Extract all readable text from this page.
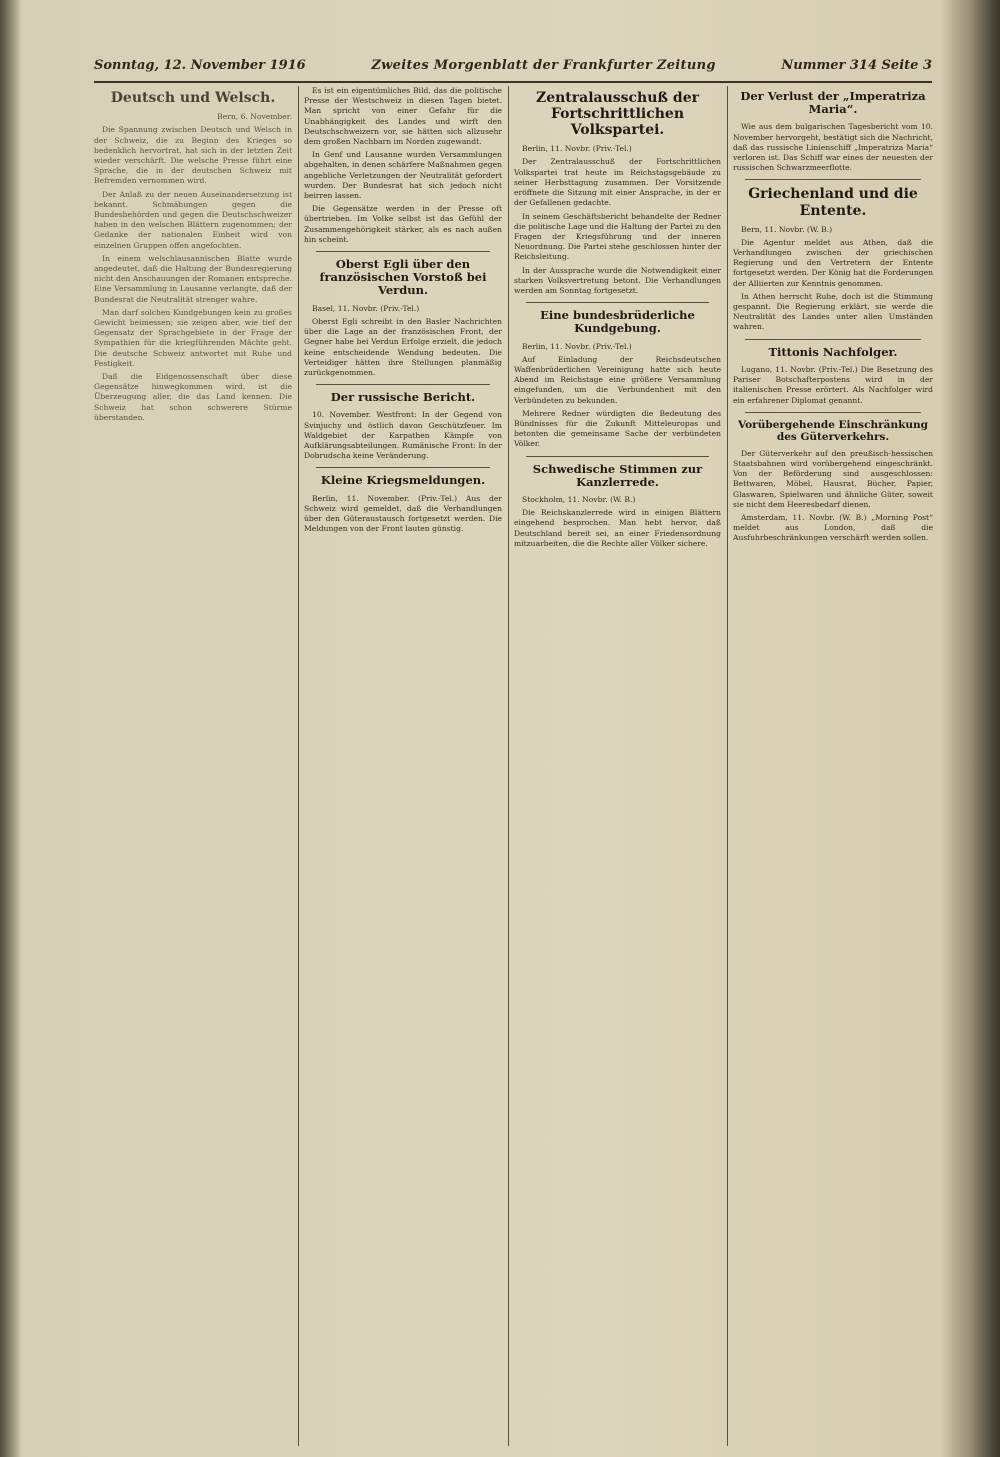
Sonntag, 12. November 1916	Zweites Morgenblatt der Frankfurter Zeitung	Nummer 314 Seite 3
Deutsch und Welsch.

Bern, 6. November.

Die Spannung zwischen Deutsch und Welsch in der Schweiz, die zu Beginn des Krieges so bedenklich hervortrat, hat sich in der letzten Zeit wieder verschärft. Die welsche Presse führt eine Sprache, die in der deutschen Schweiz mit Befremden vernommen wird.

Der Anlaß zu der neuen Auseinandersetzung ist bekannt. Schmähungen gegen die Bundesbehörden und gegen die Deutschschweizer haben in den welschen Blättern zugenommen; der Gedanke der nationalen Einheit wird von einzelnen Gruppen offen angefochten.

In einem welschlausannischen Blatte wurde angedeutet, daß die Haltung der Bundesregierung nicht den Anschauungen der Romanen entspreche. Eine Versammlung in Lausanne verlangte, daß der Bundesrat die Neutralität strenger wahre.

Man darf solchen Kundgebungen kein zu großes Gewicht beimessen; sie zeigen aber, wie tief der Gegensatz der Sprachgebiete in der Frage der Sympathien für die kriegführenden Mächte geht. Die deutsche Schweiz antwortet mit Ruhe und Festigkeit.

Daß die Eidgenossenschaft über diese Gegensätze hinwegkommen wird, ist die Überzeugung aller, die das Land kennen. Die Schweiz hat schon schwerere Stürme überstanden.

Es ist ein eigentümliches Bild, das die politische Presse der Westschweiz in diesen Tagen bietet. Man spricht von einer Gefahr für die Unabhängigkeit des Landes und wirft den Deutschschweizern vor, sie hätten sich allzusehr dem großen Nachbarn im Norden zugewandt.

In Genf und Lausanne wurden Versammlungen abgehalten, in denen schärfere Maßnahmen gegen angebliche Verletzungen der Neutralität gefordert wurden. Der Bundesrat hat sich jedoch nicht beirren lassen.

Die Gegensätze werden in der Presse oft übertrieben. Im Volke selbst ist das Gefühl der Zusammengehörigkeit stärker, als es nach außen hin scheint.

Oberst Egli über den französischen Vorstoß bei Verdun.

Basel, 11. Novbr. (Priv.-Tel.)

Oberst Egli schreibt in den Basler Nachrichten über die Lage an der französischen Front, der Gegner habe bei Verdun Erfolge erzielt, die jedoch keine entscheidende Wendung bedeuten. Die Verteidiger hätten ihre Stellungen planmäßig zurückgenommen.

Der russische Bericht.

10. November. Westfront: In der Gegend von Svinjuchy und östlich davon Geschützfeuer. Im Waldgebiet der Karpathen Kämpfe von Aufklärungsabteilungen. Rumänische Front: In der Dobrudscha keine Veränderung.

Kleine Kriegsmeldungen.

Berlin, 11. November. (Priv.-Tel.) Aus der Schweiz wird gemeldet, daß die Verhandlungen über den Güteraustausch fortgesetzt werden. Die Meldungen von der Front lauten günstig.

Zentralausschuß der Fortschrittlichen Volkspartei.

Berlin, 11. Novbr. (Priv.-Tel.)

Der Zentralausschuß der Fortschrittlichen Volkspartei trat heute im Reichstagsgebäude zu seiner Herbsttagung zusammen. Der Vorsitzende eröffnete die Sitzung mit einer Ansprache, in der er der Gefallenen gedachte.

In seinem Geschäftsbericht behandelte der Redner die politische Lage und die Haltung der Partei zu den Fragen der Kriegsführung und der inneren Neuordnung. Die Partei stehe geschlossen hinter der Reichsleitung.

In der Aussprache wurde die Notwendigkeit einer starken Volksvertretung betont. Die Verhandlungen werden am Sonntag fortgesetzt.

Eine bundesbrüderliche Kundgebung.

Berlin, 11. Novbr. (Priv.-Tel.)

Auf Einladung der Reichsdeutschen Waffenbrüderlichen Vereinigung hatte sich heute Abend im Reichstage eine größere Versammlung eingefunden, um die Verbundenheit mit den Verbündeten zu bekunden.

Mehrere Redner würdigten die Bedeutung des Bündnisses für die Zukunft Mitteleuropas und betonten die gemeinsame Sache der verbündeten Völker.

Schwedische Stimmen zur Kanzlerrede.

Stockholm, 11. Novbr. (W. B.)

Die Reichskanzlerrede wird in einigen Blättern eingehend besprochen. Man hebt hervor, daß Deutschland bereit sei, an einer Friedensordnung mitzuarbeiten, die die Rechte aller Völker sichere.

Der Verlust der „Imperatriza Maria“.

Wie aus dem bulgarischen Tagesbericht vom 10. November hervorgeht, bestätigt sich die Nachricht, daß das russische Linienschiff „Imperatriza Maria“ verloren ist. Das Schiff war eines der neuesten der russischen Schwarzmeerflotte.

Griechenland und die Entente.

Bern, 11. Novbr. (W. B.)

Die Agentur meldet aus Athen, daß die Verhandlungen zwischen der griechischen Regierung und den Vertretern der Entente fortgesetzt werden. Der König hat die Forderungen der Alliierten zur Kenntnis genommen.

In Athen herrscht Ruhe, doch ist die Stimmung gespannt. Die Regierung erklärt, sie werde die Neutralität des Landes unter allen Umständen wahren.

Tittonis Nachfolger.

Lugano, 11. Novbr. (Priv.-Tel.) Die Besetzung des Pariser Botschafterpostens wird in der italienischen Presse erörtert. Als Nachfolger wird ein erfahrener Diplomat genannt.

Vorübergehende Einschränkung des Güterverkehrs.

Der Güterverkehr auf den preußisch-hessischen Staatsbahnen wird vorübergehend eingeschränkt. Von der Beförderung sind ausgeschlossen: Bettwaren, Möbel, Hausrat, Bücher, Papier, Glaswaren, Spielwaren und ähnliche Güter, soweit sie nicht dem Heeresbedarf dienen.

Amsterdam, 11. Novbr. (W. B.) „Morning Post“ meldet aus London, daß die Ausfuhrbeschränkungen verschärft werden sollen.
